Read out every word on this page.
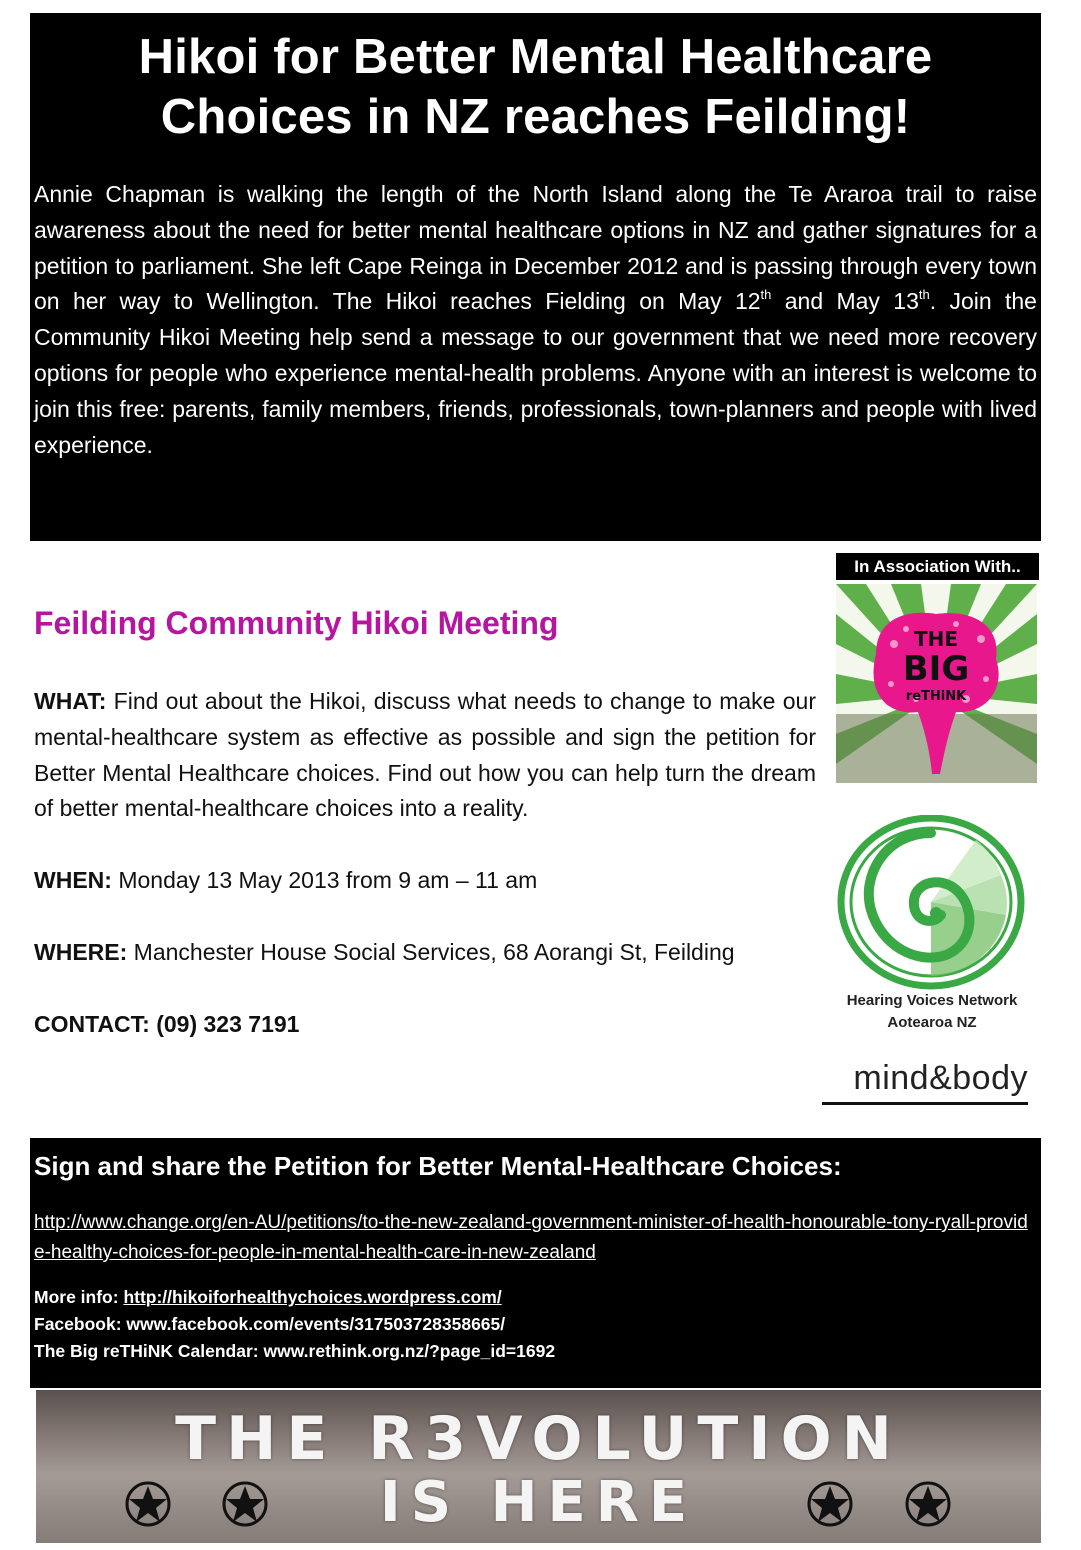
Hikoi for Better Mental Healthcare
Choices in NZ reaches Feilding!

Annie Chapman is walking the length of the North Island along the Te Araroa trail to raise awareness about the need for better mental healthcare options in NZ and gather signatures for a petition to parliament. She left Cape Reinga in December 2012 and is passing through every town on her way to Wellington. The Hikoi reaches Fielding on May 12th and May 13th. Join the Community Hikoi Meeting help send a message to our government that we need more recovery options for people who experience mental-health problems. Anyone with an interest is welcome to join this free: parents, family members, friends, professionals, town-planners and people with lived experience.

Feilding Community Hikoi Meeting

WHAT: Find out about the Hikoi, discuss what needs to change to make our mental-healthcare system as effective as possible and sign the petition for Better Mental Healthcare choices. Find out how you can help turn the dream of better mental-healthcare choices into a reality.

WHEN: Monday 13 May 2013 from 9 am – 11 am

WHERE: Manchester House Social Services, 68 Aorangi St, Feilding

CONTACT: (09) 323 7191

In Association With..
THE
BIG
reTHiNK
Hearing Voices Network
Aotearoa NZ
mind&body
Sign and share the Petition for Better Mental-Healthcare Choices:
http://www.change.org/en-AU/petitions/to-the-new-zealand-government-minister-of-health-honourable-tony-ryall-provide-healthy-choices-for-people-in-mental-health-care-in-new-zealand
More info: http://hikoiforhealthychoices.wordpress.com/
Facebook: www.facebook.com/events/317503728358665/
The Big reTHiNK Calendar: www.rethink.org.nz/?page_id=1692
THE R3VOLUTION
IS HERE
